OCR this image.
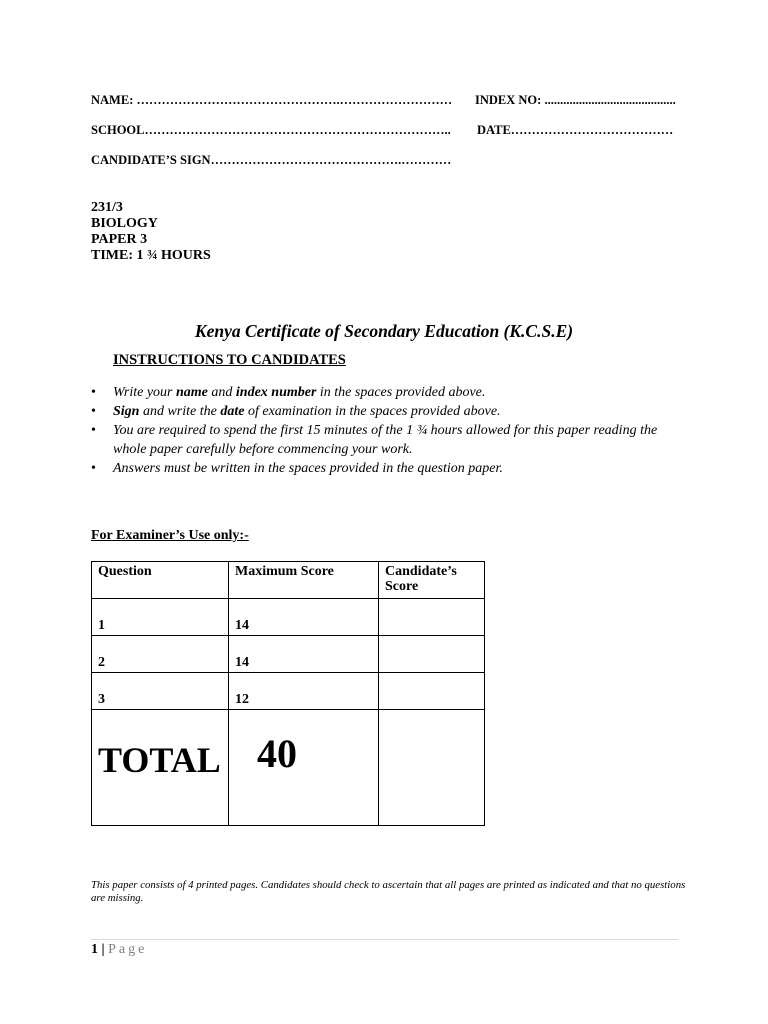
NAME: ………………………………………….……………………… INDEX NO: ..........................................
SCHOOL……………………………………………………………….. DATE…………………………………
CANDIDATE’S SIGN……………………………………….…………
231/3
BIOLOGY
PAPER 3
TIME: 1 ¾ HOURS
Kenya Certificate of Secondary Education (K.C.S.E)
INSTRUCTIONS TO CANDIDATES
• Write your name and index number in the spaces provided above.
• Sign and write the date of examination in the spaces provided above.
• You are required to spend the first 15 minutes of the 1 ¾ hours allowed for this paper reading the whole paper carefully before commencing your work.
• Answers must be written in the spaces provided in the question paper.
For Examiner’s Use only:-
Question	Maximum Score	Candidate’s Score
1	14	
2	14	
3	12	

TOTAL	40	

This paper consists of 4 printed pages. Candidates should check to ascertain that all pages are printed as indicated and that no questions are missing.
1 | Page
